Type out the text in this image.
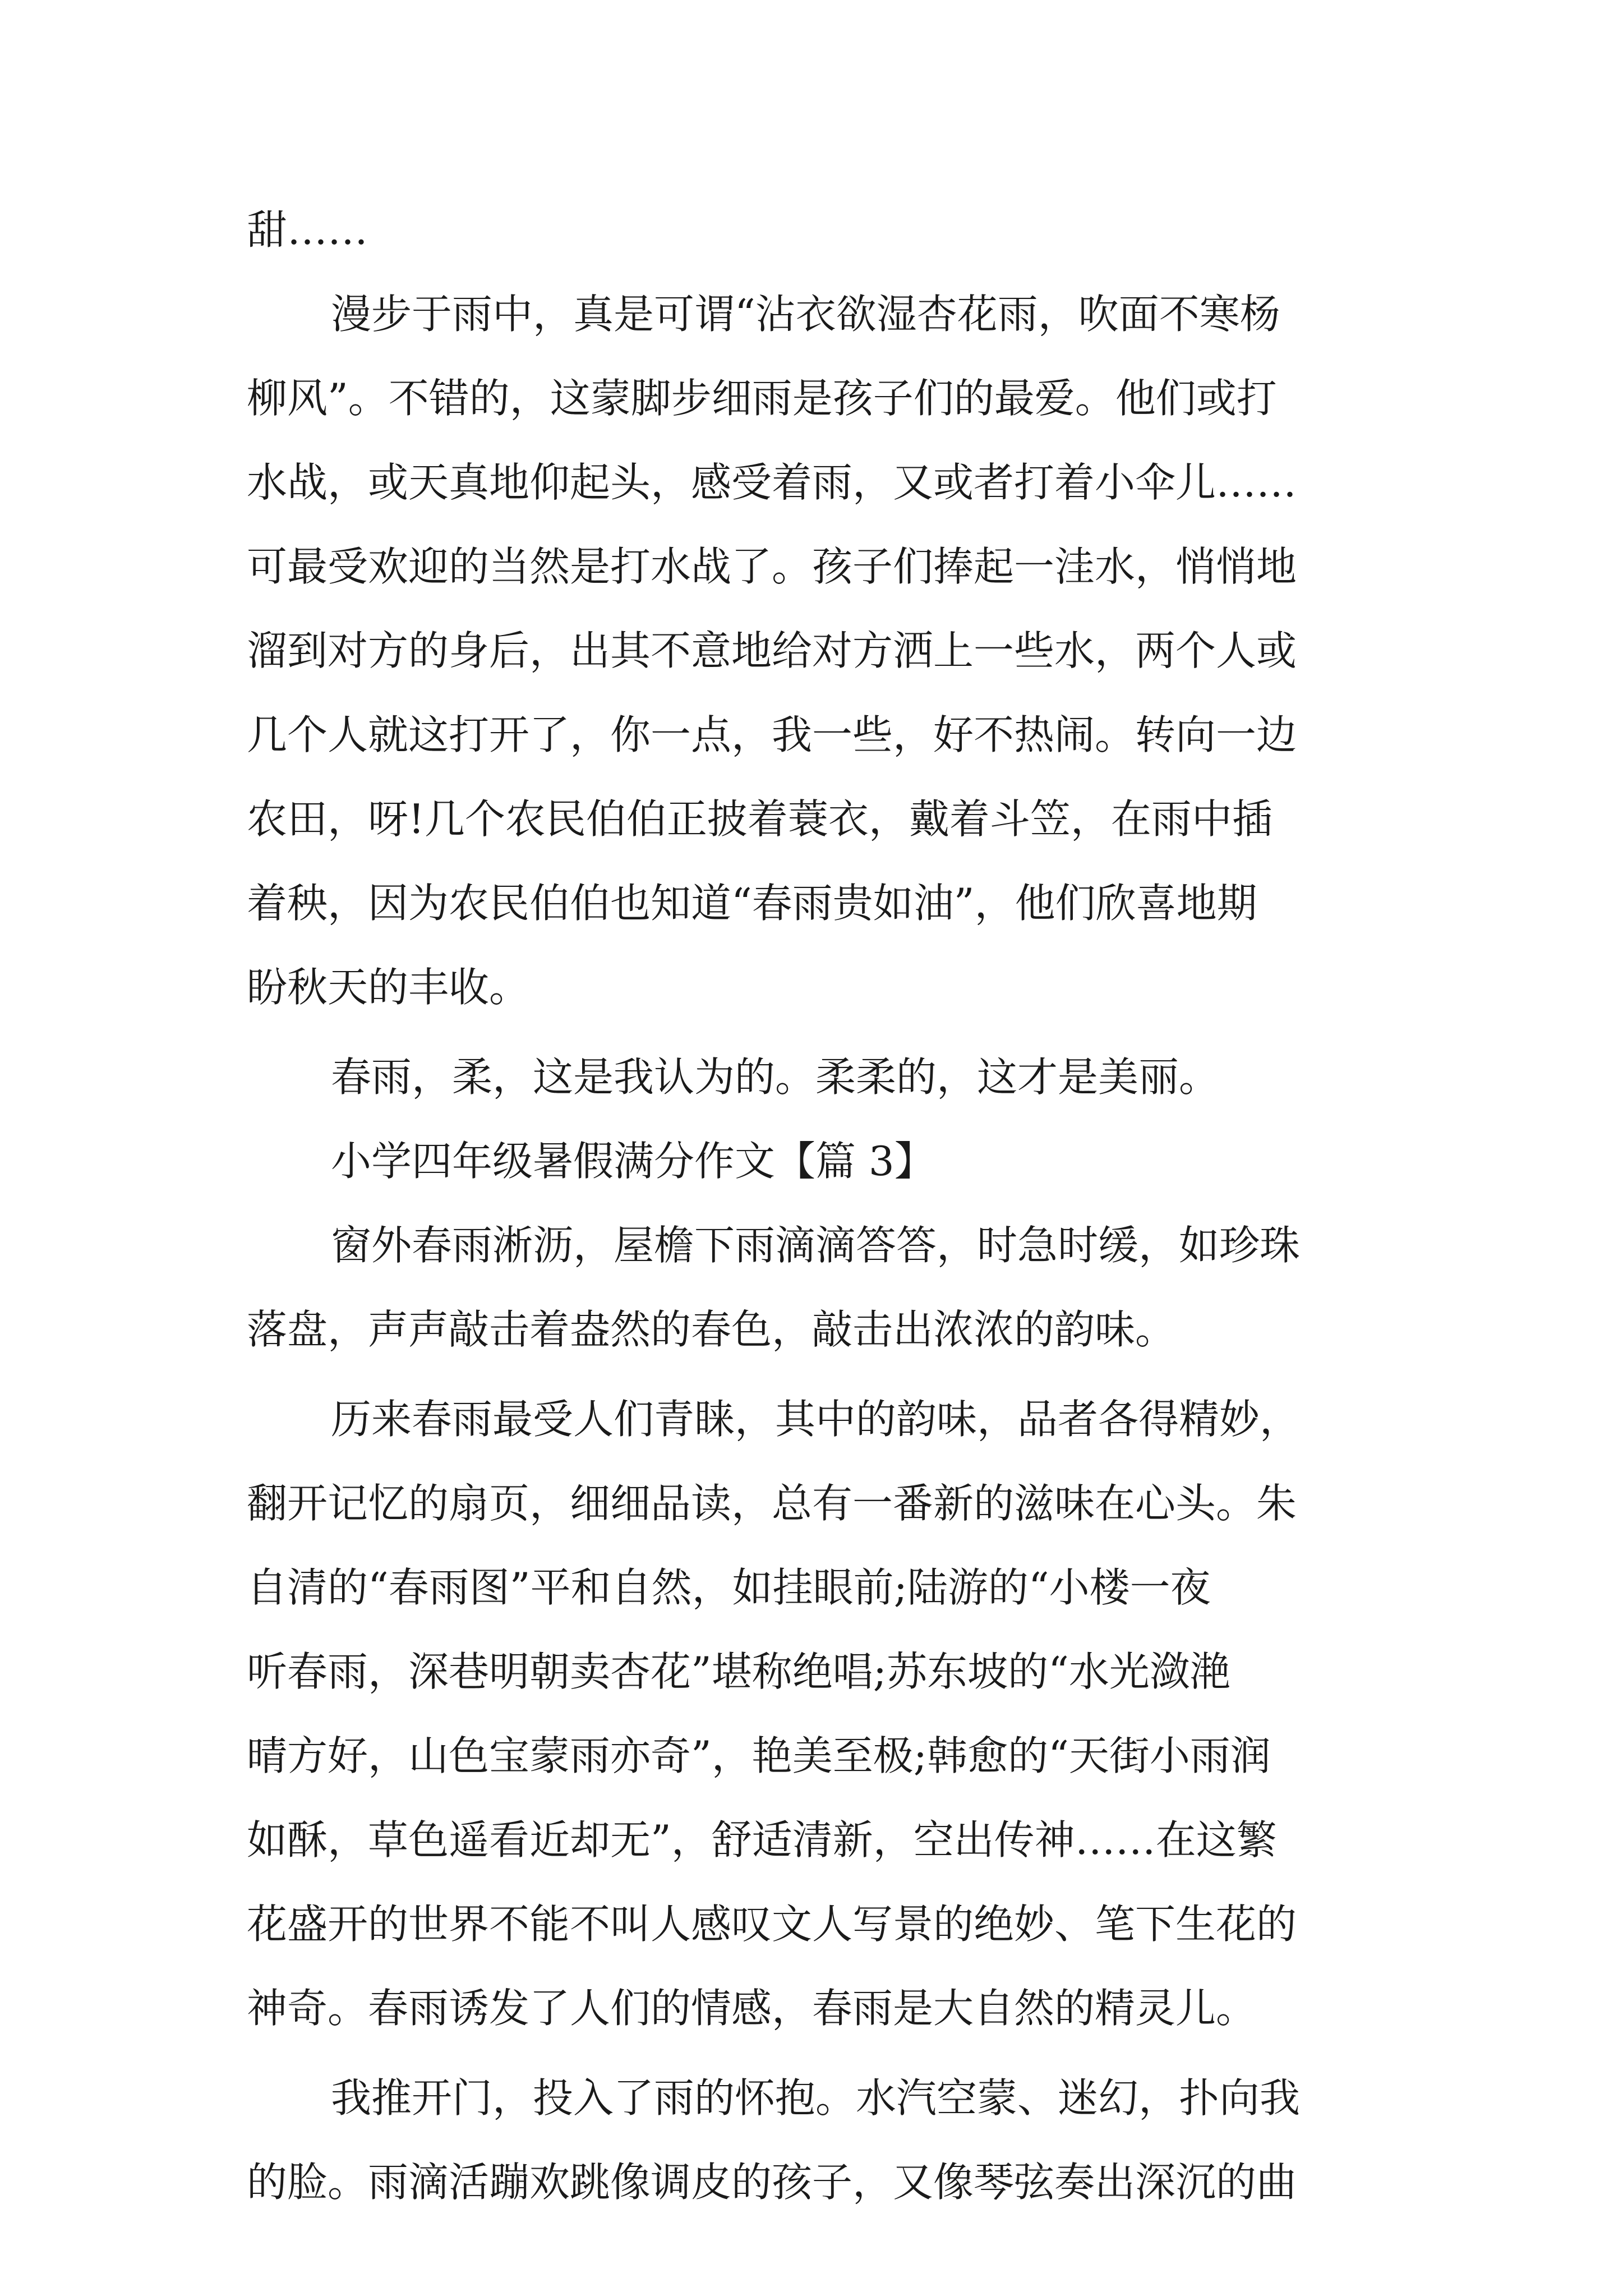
甜……
漫步于雨中，真是可谓“沾衣欲湿杏花雨，吹面不寒杨
柳风”。不错的，这蒙脚步细雨是孩子们的最爱。他们或打
水战，或天真地仰起头，感受着雨，又或者打着小伞儿……
可最受欢迎的当然是打水战了。孩子们捧起一洼水，悄悄地
溜到对方的身后，出其不意地给对方洒上一些水，两个人或
几个人就这打开了，你一点，我一些，好不热闹。转向一边
农田，呀!几个农民伯伯正披着蓑衣，戴着斗笠，在雨中插
着秧，因为农民伯伯也知道“春雨贵如油”，他们欣喜地期
盼秋天的丰收。
春雨，柔，这是我认为的。柔柔的，这才是美丽。
小学四年级暑假满分作文【篇 3】
窗外春雨淅沥，屋檐下雨滴滴答答，时急时缓，如珍珠
落盘，声声敲击着盎然的春色，敲击出浓浓的韵味。
历来春雨最受人们青睐，其中的韵味，品者各得精妙，
翻开记忆的扇页，细细品读，总有一番新的滋味在心头。朱
自清的“春雨图”平和自然，如挂眼前;陆游的“小楼一夜
听春雨，深巷明朝卖杏花”堪称绝唱;苏东坡的“水光潋滟
晴方好，山色宝蒙雨亦奇”，艳美至极;韩愈的“天街小雨润
如酥，草色遥看近却无”，舒适清新，空出传神……在这繁
花盛开的世界不能不叫人感叹文人写景的绝妙、笔下生花的
神奇。春雨诱发了人们的情感，春雨是大自然的精灵儿。
我推开门，投入了雨的怀抱。水汽空蒙、迷幻，扑向我
的脸。雨滴活蹦欢跳像调皮的孩子，又像琴弦奏出深沉的曲
